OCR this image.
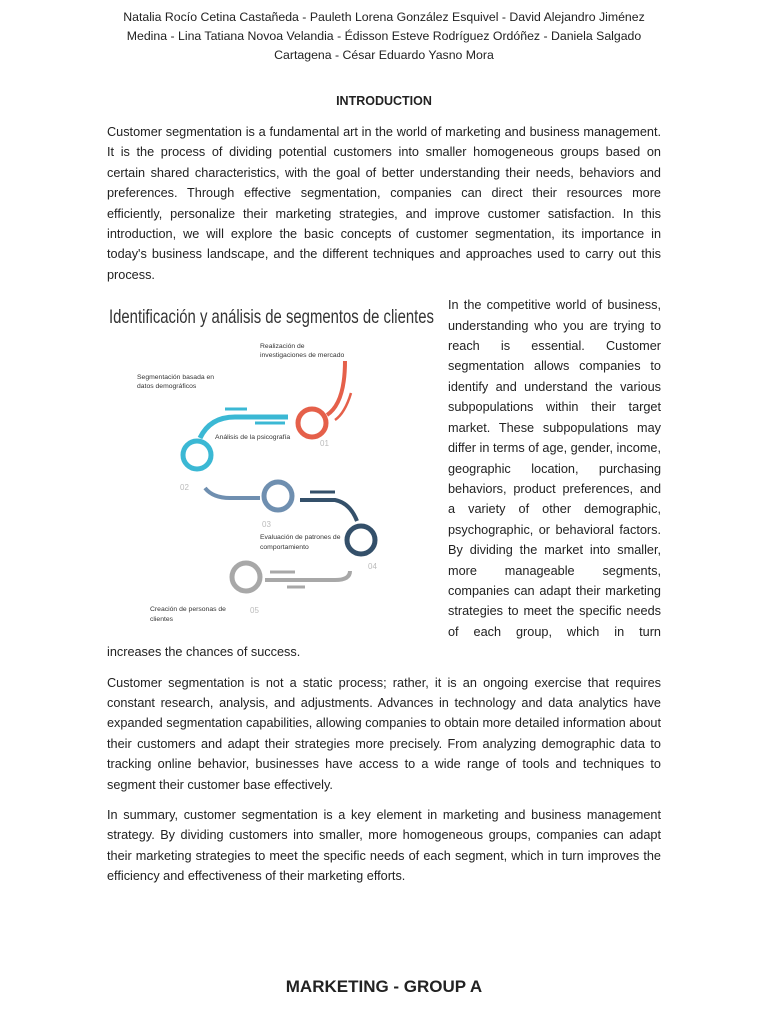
Natalia Rocío Cetina Castañeda - Pauleth Lorena González Esquivel - David Alejandro Jiménez Medina - Lina Tatiana Novoa Velandia - Édisson Esteve Rodríguez Ordóñez - Daniela Salgado Cartagena - César Eduardo Yasno Mora
INTRODUCTION

Customer segmentation is a fundamental art in the world of marketing and business management. It is the process of dividing potential customers into smaller homogeneous groups based on certain shared characteristics, with the goal of better understanding their needs, behaviors and preferences. Through effective segmentation, companies can direct their resources more efficiently, personalize their marketing strategies, and improve customer satisfaction. In this introduction, we will explore the basic concepts of customer segmentation, its importance in today's business landscape, and the different techniques and approaches used to carry out this process.

Identificación y análisis de segmentos de clientes
01
02
03
04
05
Realización de
investigaciones de mercado
Segmentación basada en
datos demográficos
Análisis de la psicografía
Evaluación de patrones de
comportamiento
Creación de personas de
clientes

In the competitive world of business, understanding who you are trying to reach is essential. Customer segmentation allows companies to identify and understand the various subpopulations within their target market. These subpopulations may differ in terms of age, gender, income, geographic location, purchasing behaviors, product preferences, and a variety of other demographic, psychographic, or behavioral factors. By dividing the market into smaller, more manageable segments, companies can adapt their marketing strategies to meet the specific needs of each group, which in turn increases the chances of success.

Customer segmentation is not a static process; rather, it is an ongoing exercise that requires constant research, analysis, and adjustments. Advances in technology and data analytics have expanded segmentation capabilities, allowing companies to obtain more detailed information about their customers and adapt their strategies more precisely. From analyzing demographic data to tracking online behavior, businesses have access to a wide range of tools and techniques to segment their customer base effectively.

In summary, customer segmentation is a key element in marketing and business management strategy. By dividing customers into smaller, more homogeneous groups, companies can adapt their marketing strategies to meet the specific needs of each segment, which in turn improves the efficiency and effectiveness of their marketing efforts.

MARKETING - GROUP A
